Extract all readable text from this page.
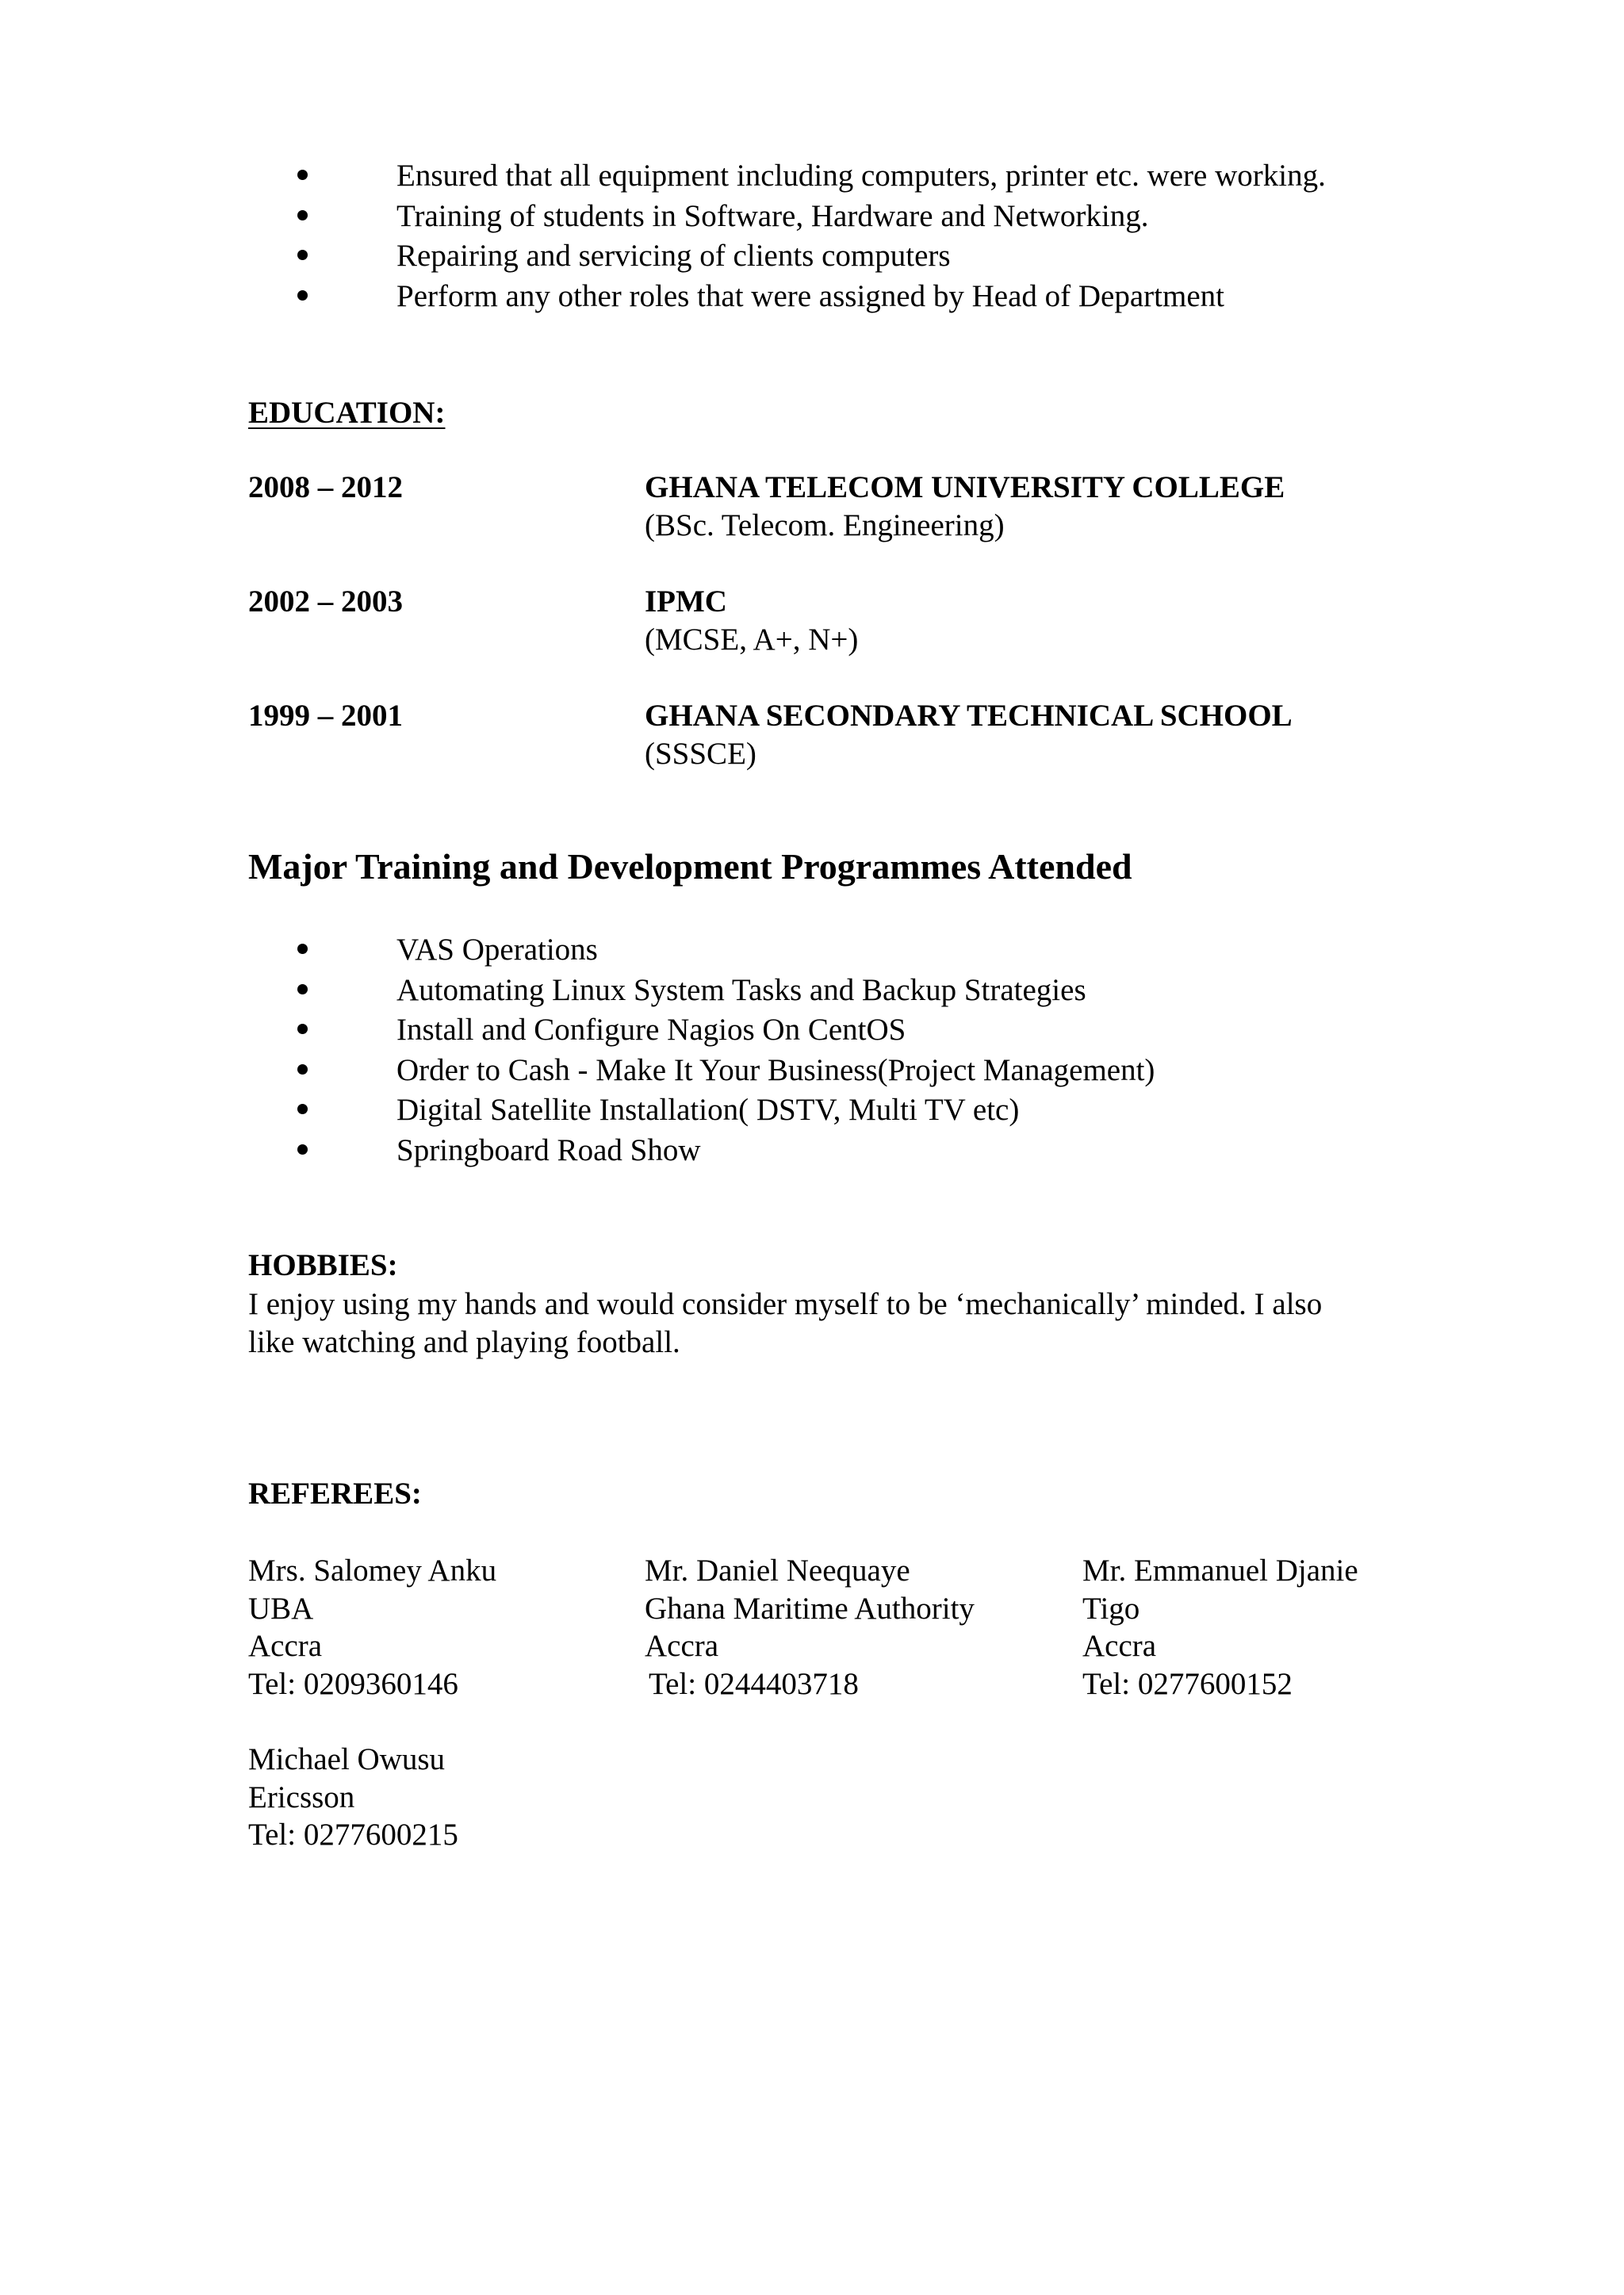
Ensured that all equipment including computers, printer etc. were working.
Training of students in Software, Hardware and Networking.
Repairing and servicing of clients computers
Perform any other roles that were assigned by Head of Department
EDUCATION:
2008 – 2012	GHANA TELECOM UNIVERSITY COLLEGE
(BSc. Telecom. Engineering)
2002 – 2003	IPMC
(MCSE, A+, N+)
1999 – 2001	GHANA SECONDARY TECHNICAL SCHOOL
(SSSCE)
Major Training and Development Programmes Attended
VAS Operations
Automating Linux System Tasks and Backup Strategies
Install and Configure Nagios On CentOS
Order to Cash - Make It Your Business(Project Management)
Digital Satellite Installation( DSTV, Multi TV etc)
Springboard Road Show
HOBBIES:
I enjoy using my hands and would consider myself to be ‘mechanically’ minded. I also
like watching and playing football.
REFEREES:
Mrs. Salomey Anku
UBA
Accra
Tel: 0209360146
Mr. Daniel Neequaye
Ghana Maritime Authority
Accra
Tel: 0244403718
Mr. Emmanuel Djanie
Tigo
Accra
Tel: 0277600152
Michael Owusu
Ericsson
Tel: 0277600215
